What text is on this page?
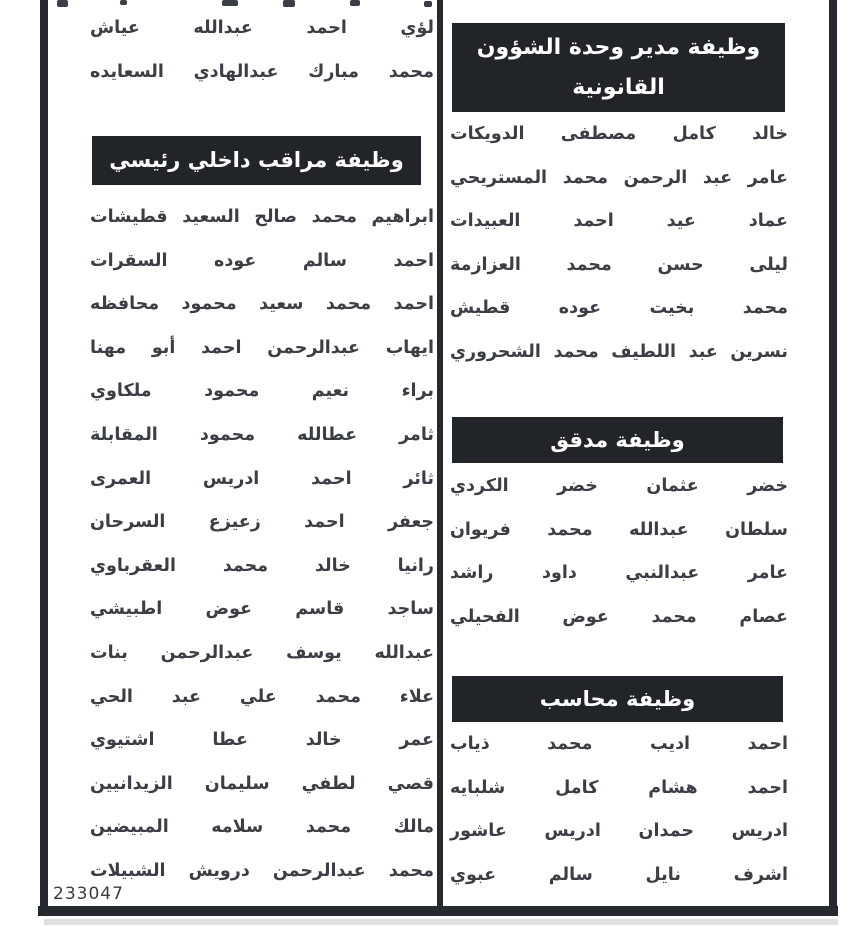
لؤي احمد عبدالله عياش
محمد مبارك عبدالهادي السعايده
ابراهيم محمد صالح السعيد قطيشات
احمد سالم عوده السقرات
احمد محمد سعيد محمود محافظه
ايهاب عبدالرحمن احمد أبو مهنا
براء نعيم محمود ملكاوي
ثامر عطالله محمود المقابلة
ثائر احمد ادريس العمرى
جعفر احمد زعيزع السرحان
رانيا خالد محمد العقرباوي
ساجد قاسم عوض اطبيشي
عبدالله يوسف عبدالرحمن بنات
علاء محمد علي عبد الحي
عمر خالد عطا اشتيوي
قصي لطفي سليمان الزيدانيين
مالك محمد سلامه المبيضين
محمد عبدالرحمن درويش الشبيلات
وظيفة مراقب داخلي رئيسي
وظيفة مدير وحدة الشؤون
القانونية
وظيفة مدقق
وظيفة محاسب
خالد كامل مصطفى الدويكات
عامر عبد الرحمن محمد المستريحي
عماد عيد احمد العبيدات
ليلى حسن محمد العزازمة
محمد بخيت عوده قطيش
نسرين عبد اللطيف محمد الشحروري
خضر عثمان خضر الكردي
سلطان عبدالله محمد فريوان
عامر عبدالنبي داود راشد
عصام محمد عوض الفحيلي
احمد اديب محمد ذياب
احمد هشام كامل شلبايه
ادريس حمدان ادريس عاشور
اشرف نايل سالم عبوي
233047
